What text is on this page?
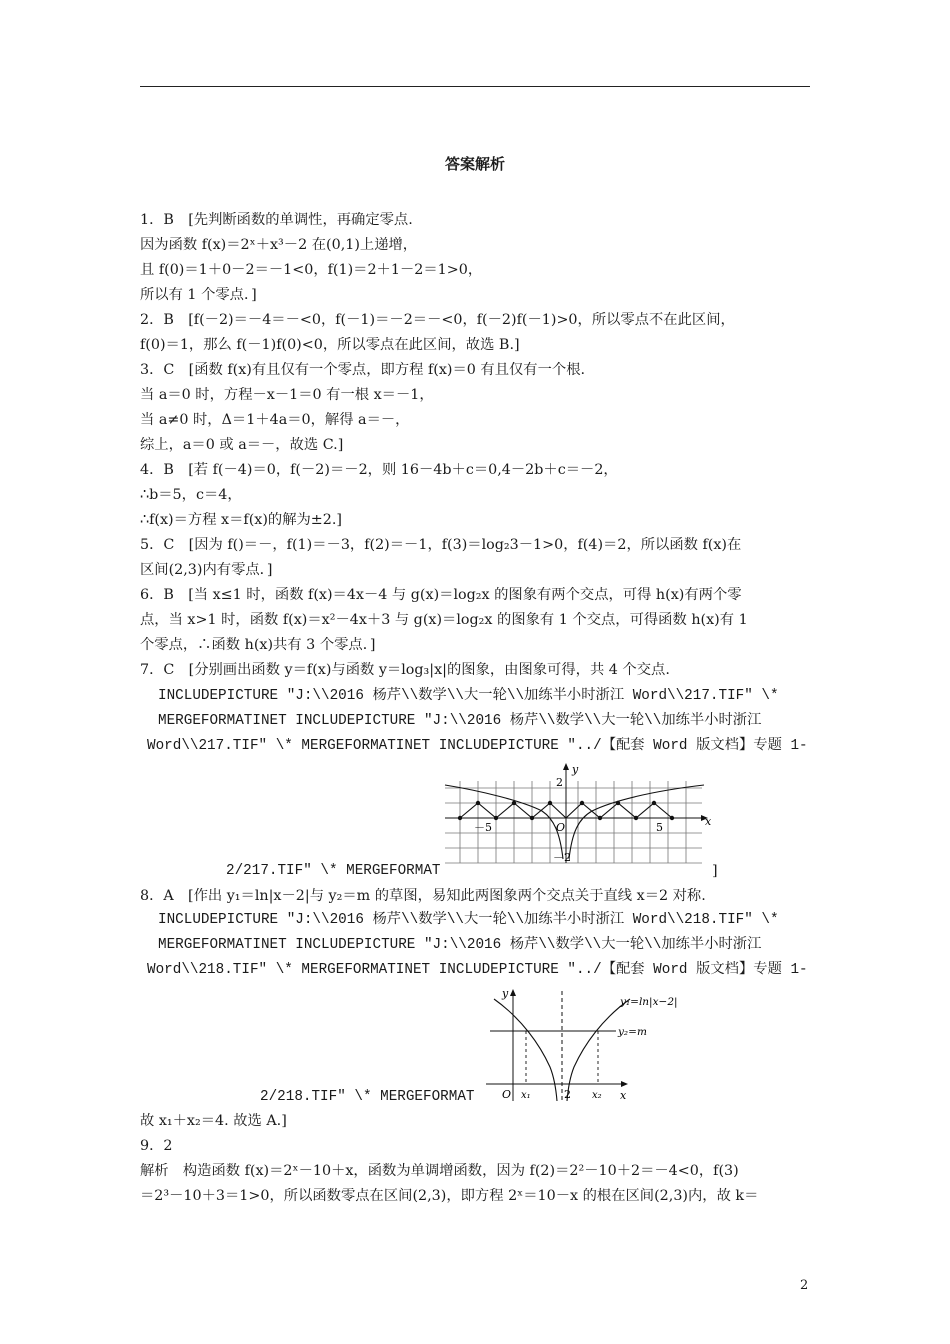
答案解析
1．B　[先判断函数的单调性，再确定零点.
因为函数 f(x)＝2ˣ＋x³－2 在(0,1)上递增，
且 f(0)＝1＋0－2＝－1<0，f(1)＝2＋1－2＝1>0，
所以有 1 个零点．]
2．B　[f(－2)＝－4＝－<0，f(－1)＝－2＝－<0，f(－2)f(－1)>0，所以零点不在此区间，
f(0)＝1，那么 f(－1)f(0)<0，所以零点在此区间，故选 B.]
3．C　[函数 f(x)有且仅有一个零点，即方程 f(x)＝0 有且仅有一个根.
当 a＝0 时，方程－x－1＝0 有一根 x＝－1，
当 a≠0 时，Δ＝1＋4a＝0，解得 a＝－，
综上，a＝0 或 a＝－，故选 C.]
4．B　[若 f(－4)＝0，f(－2)＝－2，则 16－4b＋c＝0,4－2b＋c＝－2，
∴b＝5，c＝4，
∴f(x)＝方程 x＝f(x)的解为±2.]
5．C　[因为 f()＝－，f(1)＝－3，f(2)＝－1，f(3)＝log₂3－1>0，f(4)＝2，所以函数 f(x)在
区间(2,3)内有零点．]
6．B　[当 x≤1 时，函数 f(x)＝4x－4 与 g(x)＝log₂x 的图象有两个交点，可得 h(x)有两个零
点，当 x>1 时，函数 f(x)＝x²－4x＋3 与 g(x)＝log₂x 的图象有 1 个交点，可得函数 h(x)有 1
个零点，∴函数 h(x)共有 3 个零点．]
7．C　[分别画出函数 y＝f(x)与函数 y＝log₃|x|的图象，由图象可得，共 4 个交点.
INCLUDEPICTURE "J:\\2016 杨芹\\数学\\大一轮\\加练半小时浙江 Word\\217.TIF" \*
MERGEFORMATINET INCLUDEPICTURE "J:\\2016 杨芹\\数学\\大一轮\\加练半小时浙江
Word\\217.TIF" \* MERGEFORMATINET INCLUDEPICTURE "../【配套 Word 版文档】专题 1-
y
x
2
－2
－5	5
O
2/217.TIF" \* MERGEFORMAT	]
8．A　[作出 y₁＝ln|x－2|与 y₂＝m 的草图，易知此两图象两个交点关于直线 x＝2 对称.
INCLUDEPICTURE "J:\\2016 杨芹\\数学\\大一轮\\加练半小时浙江 Word\\218.TIF" \*
MERGEFORMATINET INCLUDEPICTURE "J:\\2016 杨芹\\数学\\大一轮\\加练半小时浙江
Word\\218.TIF" \* MERGEFORMATINET INCLUDEPICTURE "../【配套 Word 版文档】专题 1-
y
x
O x₁	2 x₂
y₁=ln|x−2|
y₂=m
2/218.TIF" \* MERGEFORMAT
故 x₁＋x₂＝4. 故选 A.]
9．2
解析　构造函数 f(x)＝2ˣ－10＋x，函数为单调增函数，因为 f(2)＝2²－10＋2＝－4<0，f(3)
＝2³－10＋3＝1>0，所以函数零点在区间(2,3)，即方程 2ˣ＝10－x 的根在区间(2,3)内，故 k＝
2
